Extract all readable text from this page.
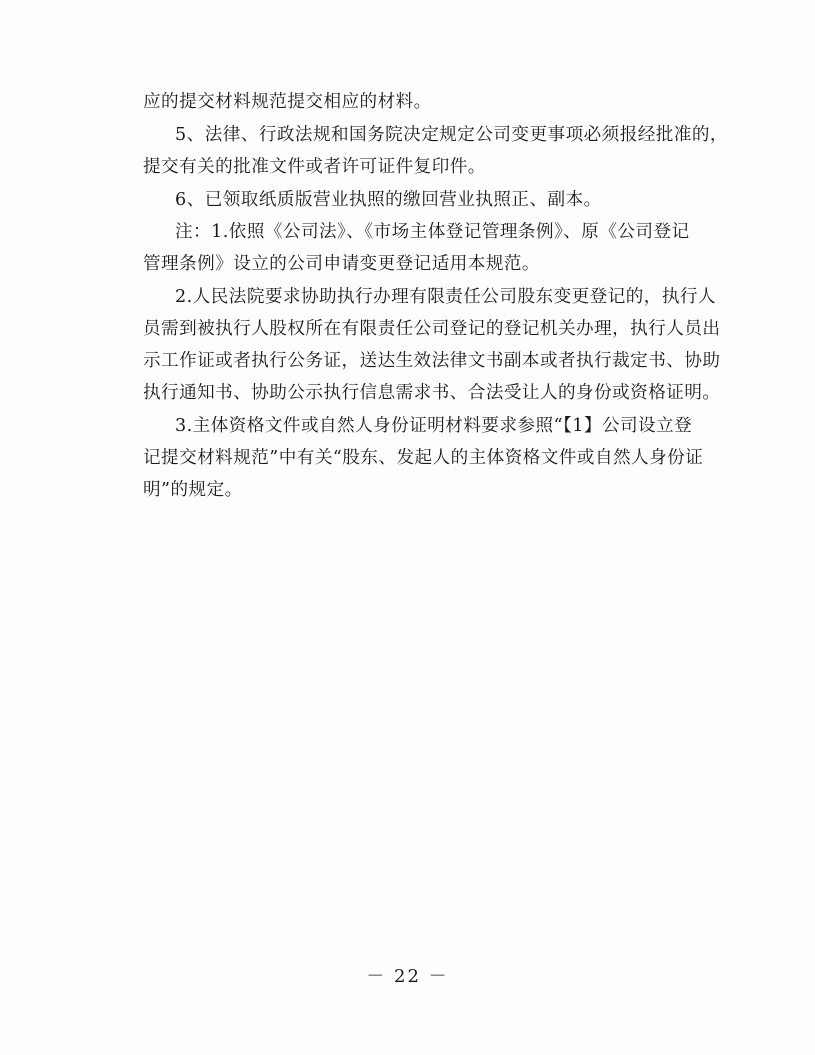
应的提交材料规范提交相应的材料。
5、法律、行政法规和国务院决定规定公司变更事项必须报经批准的，
提交有关的批准文件或者许可证件复印件。
6、已领取纸质版营业执照的缴回营业执照正、副本。
注：1.依照《公司法》、《市场主体登记管理条例》、原《公司登记
管理条例》设立的公司申请变更登记适用本规范。
2.人民法院要求协助执行办理有限责任公司股东变更登记的，执行人
员需到被执行人股权所在有限责任公司登记的登记机关办理，执行人员出
示工作证或者执行公务证，送达生效法律文书副本或者执行裁定书、协助
执行通知书、协助公示执行信息需求书、合法受让人的身份或资格证明。
3.主体资格文件或自然人身份证明材料要求参照“【1】公司设立登
记提交材料规范”中有关“股东、发起人的主体资格文件或自然人身份证
明”的规定。
－ 22 －
